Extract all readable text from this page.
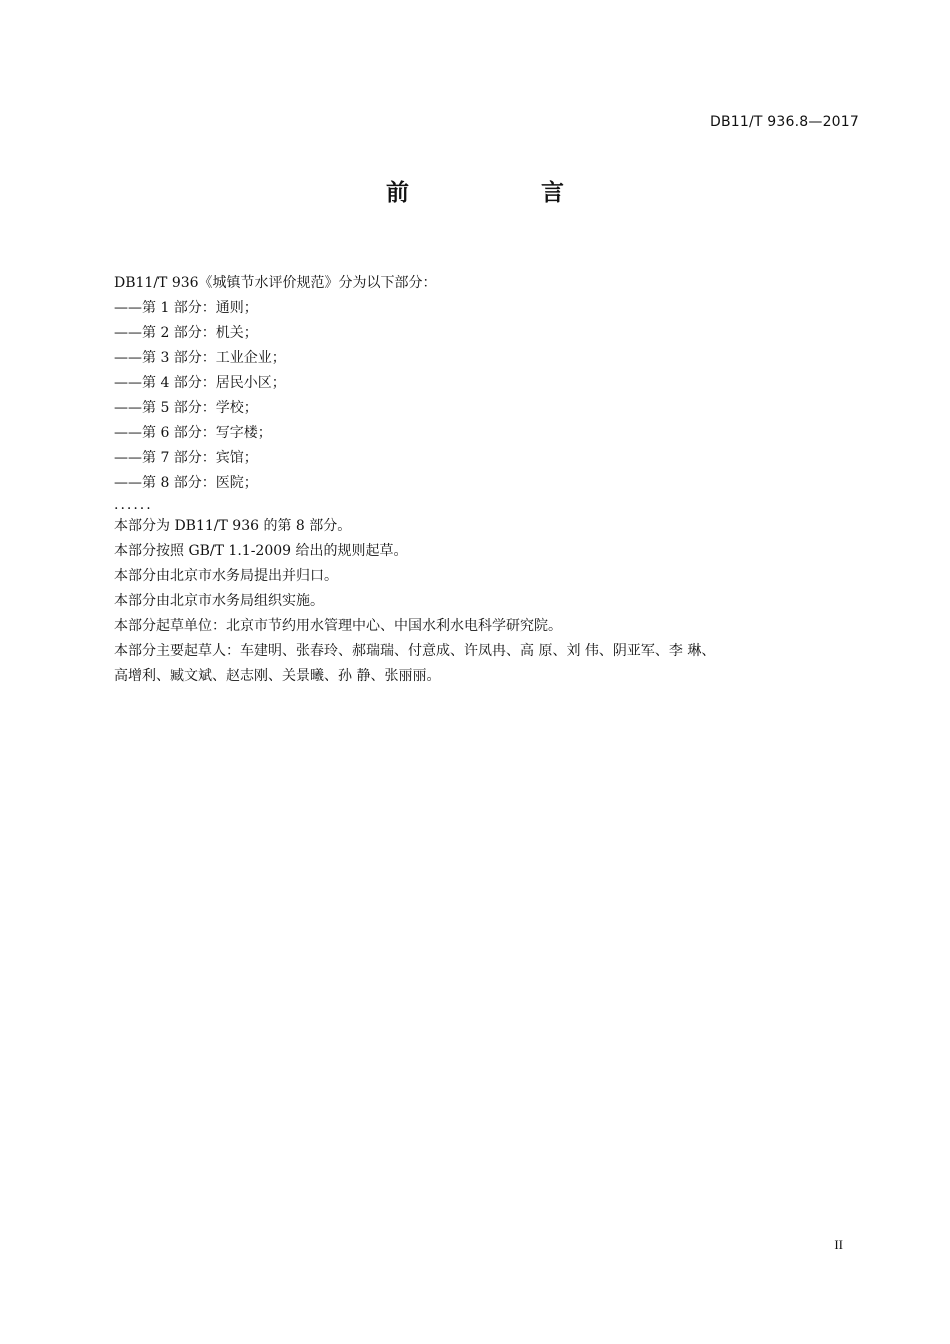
DB11/T 936.8—2017
前 言
DB11/T 936《城镇节水评价规范》分为以下部分：
——第 1 部分：通则；
——第 2 部分：机关；
——第 3 部分：工业企业；
——第 4 部分：居民小区；
——第 5 部分：学校；
——第 6 部分：写字楼；
——第 7 部分：宾馆；
——第 8 部分：医院；
......
本部分为 DB11/T 936 的第 8 部分。
本部分按照 GB/T 1.1-2009 给出的规则起草。
本部分由北京市水务局提出并归口。
本部分由北京市水务局组织实施。
本部分起草单位：北京市节约用水管理中心、中国水利水电科学研究院。
本部分主要起草人：车建明、张春玲、郝瑞瑞、付意成、许凤冉、高 原、刘 伟、阴亚军、李 琳、
高增利、臧文斌、赵志刚、关景曦、孙 静、张丽丽。
II
